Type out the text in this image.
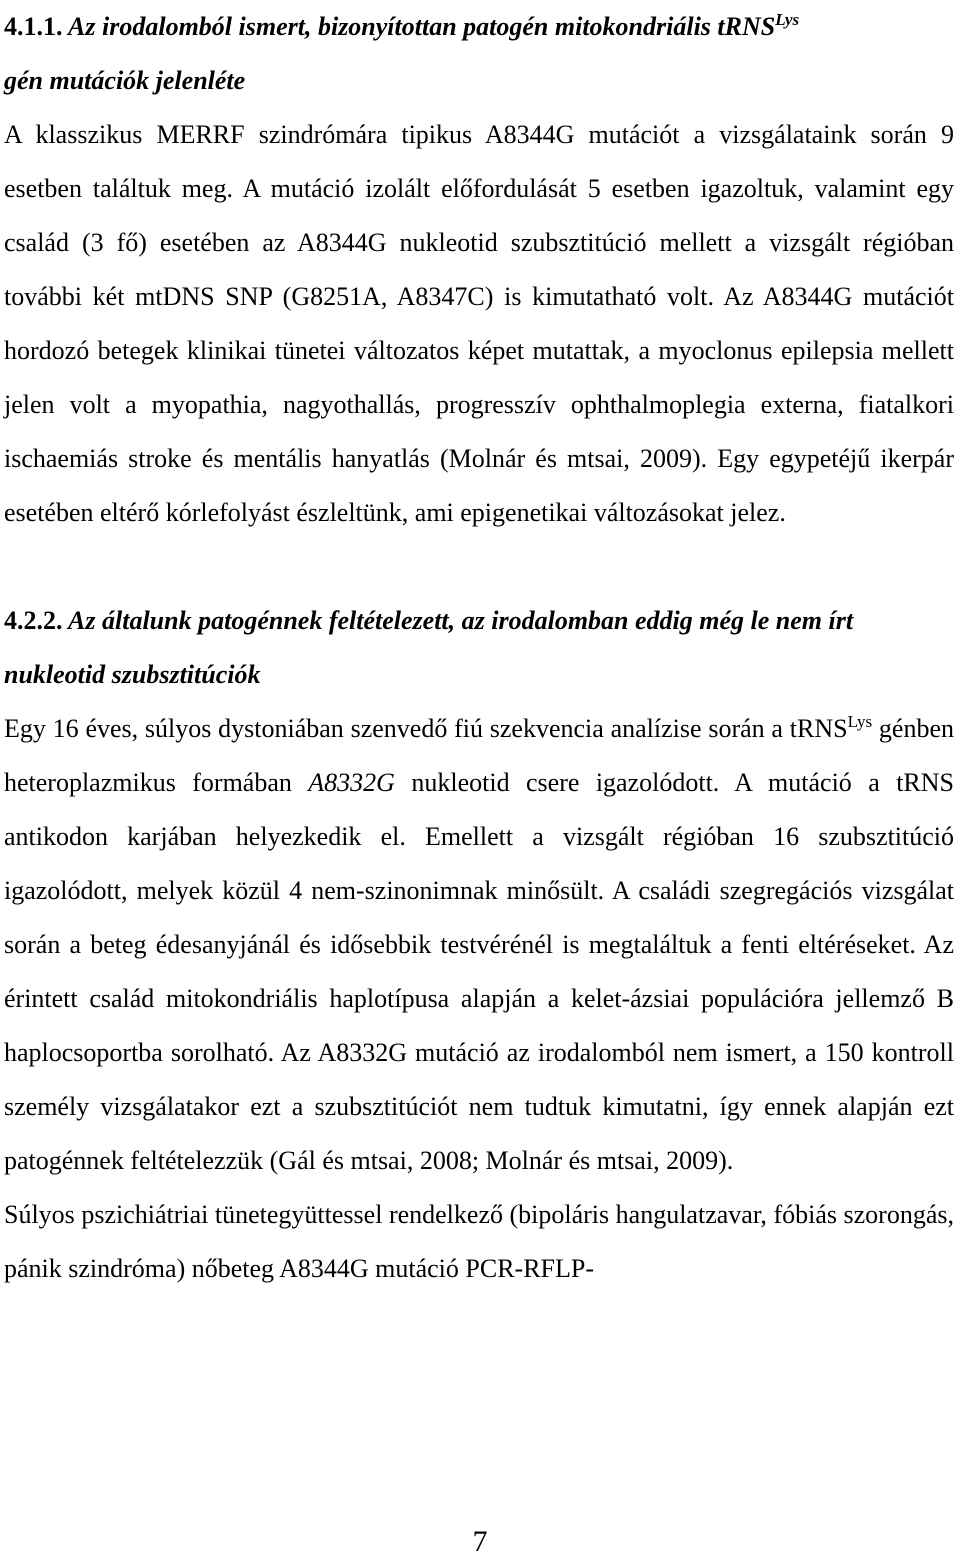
4.1.1. Az irodalomból ismert, bizonyítottan patogén mitokondriális tRNS$^{Lys}$
gén mutációk jelenléte

A klasszikus MERRF szindrómára tipikus A8344G mutációt a vizsgálataink során 9 esetben találtuk meg. A mutáció izolált előfordulását 5 esetben igazoltuk, valamint egy család (3 fő) esetében az A8344G nukleotid szubsztitúció mellett a vizsgált régióban további két mtDNS SNP (G8251A, A8347C) is kimutatható volt. Az A8344G mutációt hordozó betegek klinikai tünetei változatos képet mutattak, a myoclonus epilepsia mellett jelen volt a myopathia, nagyothallás, progresszív ophthalmoplegia externa, fiatalkori ischaemiás stroke és mentális hanyatlás (Molnár és mtsai, 2009). Egy egypetéjű ikerpár esetében eltérő kórlefolyást észleltünk, ami epigenetikai változásokat jelez.

4.2.2. Az általunk patogénnek feltételezett, az irodalomban eddig még le nem írt nukleotid szubsztitúciók

Egy 16 éves, súlyos dystoniában szenvedő fiú szekvencia analízise során a tRNS$^{Lys}$ génben heteroplazmikus formában A8332G nukleotid csere igazolódott. A mutáció a tRNS antikodon karjában helyezkedik el. Emellett a vizsgált régióban 16 szubsztitúció igazolódott, melyek közül 4 nem-szinonimnak minősült. A családi szegregációs vizsgálat során a beteg édesanyjánál és idősebbik testvérénél is megtaláltuk a fenti eltéréseket. Az érintett család mitokondriális haplotípusa alapján a kelet-ázsiai populációra jellemző B haplocsoportba sorolható. Az A8332G mutáció az irodalomból nem ismert, a 150 kontroll személy vizsgálatakor ezt a szubsztitúciót nem tudtuk kimutatni, így ennek alapján ezt patogénnek feltételezzük (Gál és mtsai, 2008; Molnár és mtsai, 2009).

Súlyos pszichiátriai tünetegyüttessel rendelkező (bipoláris hangulatzavar, fóbiás szorongás, pánik szindróma) nőbeteg A8344G mutáció PCR-RFLP-

7
